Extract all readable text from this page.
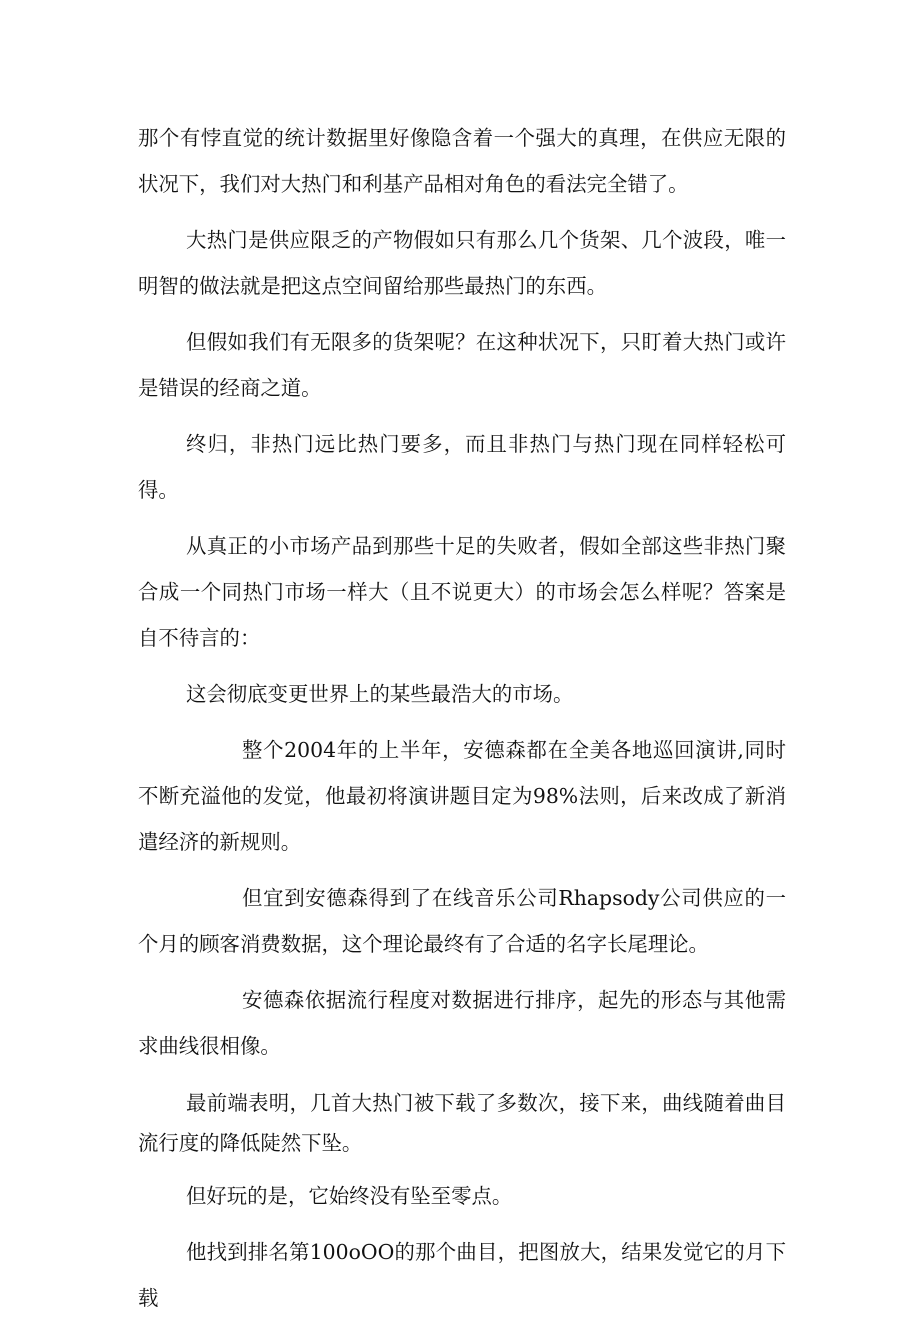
那个有悖直觉的统计数据里好像隐含着一个强大的真理，在供应无限的状况下，我们对大热门和利基产品相对角色的看法完全错了。

大热门是供应限乏的产物假如只有那么几个货架、几个波段，唯一明智的做法就是把这点空间留给那些最热门的东西。

但假如我们有无限多的货架呢？在这种状况下，只盯着大热门或许是错误的经商之道。

终归，非热门远比热门要多，而且非热门与热门现在同样轻松可得。

从真正的小市场产品到那些十足的失败者，假如全部这些非热门聚合成一个同热门市场一样大（且不说更大）的市场会怎么样呢？答案是自不待言的：

这会彻底变更世界上的某些最浩大的市场。

整个2004年的上半年，安德森都在全美各地巡回演讲,同时不断充溢他的发觉，他最初将演讲题目定为98%法则，后来改成了新消遣经济的新规则。

但宜到安德森得到了在线音乐公司Rhapsody公司供应的一个月的顾客消费数据，这个理论最终有了合适的名字长尾理论。

安德森依据流行程度对数据进行排序，起先的形态与其他需求曲线很相像。

最前端表明，几首大热门被下载了多数次，接下来，曲线随着曲目流行度的降低陡然下坠。

但好玩的是，它始终没有坠至零点。

他找到排名第100oOO的那个曲目，把图放大，结果发觉它的月下载
